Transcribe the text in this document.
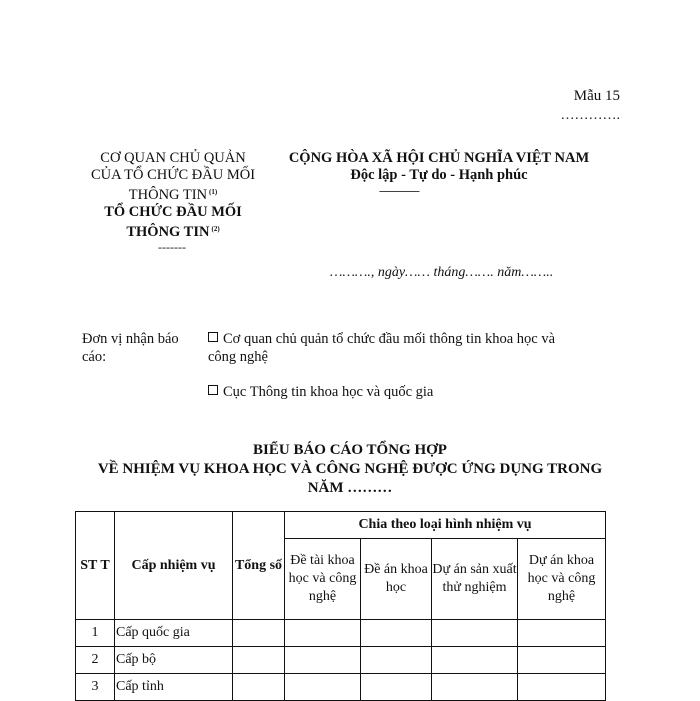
Mẫu 15
………….
CƠ QUAN CHỦ QUẢN
CỦA TỔ CHỨC ĐẦU MỐI
THÔNG TIN $^{(1)}$
TỔ CHỨC ĐẦU MỐI
THÔNG TIN $^{(2)}$
-------
CỘNG HÒA XÃ HỘI CHỦ NGHĨA VIỆT NAM
Độc lập - Tự do - Hạnh phúc
---------------
………., ngày…… tháng……. năm……..
Đơn vị nhận báo cáo:
Cơ quan chủ quản tổ chức đầu mối thông tin khoa học và công nghệ
Cục Thông tin khoa học và quốc gia
BIỂU BÁO CÁO TỔNG HỢP
VỀ NHIỆM VỤ KHOA HỌC VÀ CÔNG NGHỆ ĐƯỢC ỨNG DỤNG TRONG
NĂM ………
ST T	Cấp nhiệm vụ	Tổng số	Chia theo loại hình nhiệm vụ			
			Đề tài khoa học và công nghệ	Đề án khoa học	Dự án sản xuất thử nghiệm	Dự án khoa học và công nghệ
1	Cấp quốc gia					
2	Cấp bộ					
3	Cấp tỉnh					
